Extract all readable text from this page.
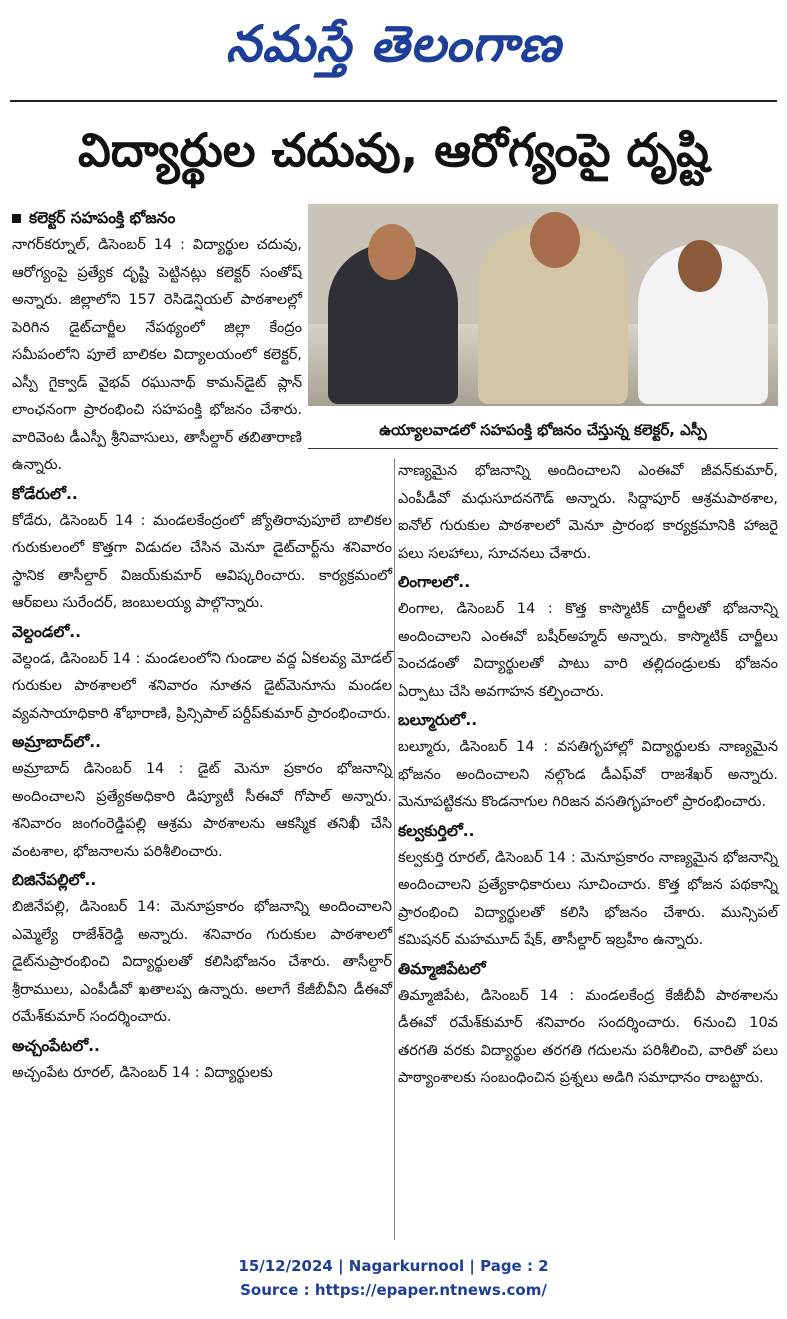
నమస్తే తెలంగాణ
విద్యార్థుల చదువు, ఆరోగ్యంపై దృష్టి
ఉయ్యాలవాడలో సహపంక్తి భోజనం చేస్తున్న కలెక్టర్, ఎస్పీ
కలెక్టర్ సహపంక్తి భోజనం

నాగర్‌కర్నూల్, డిసెంబర్ 14 : విద్యార్థుల చదువు, ఆరోగ్యంపై ప్రత్యేక దృష్టి పెట్టినట్లు కలెక్టర్ సంతోష్ అన్నారు. జిల్లాలోని 157 రెసిడెన్షియల్ పాఠశాలల్లో పెరిగిన డైట్‌చార్జీల నేపథ్యంలో జిల్లా కేంద్రం సమీపంలోని పూలే బాలికల విద్యాలయంలో కలెక్టర్, ఎస్పీ గైక్వాడ్ వైభవ్ రఘునాథ్ కామన్‌డైట్ ప్లాన్ లాంఛనంగా ప్రారంభించి సహపంక్తి భోజనం చేశారు. వారివెంట డీఎస్పీ శ్రీనివాసులు, తాసీల్దార్ తబితారాణి ఉన్నారు.

కోడేరులో..

కోడేరు, డిసెంబర్ 14 : మండలకేంద్రంలో జ్యోతిరావుపూలే బాలికల గురుకులంలో కొత్తగా విడుదల చేసిన మెనూ డైట్‌చార్ట్‌ను శనివారం స్థానిక తాసీల్దార్ విజయ్‌కుమార్ ఆవిష్కరించారు. కార్యక్రమంలో ఆర్‌ఐలు సురేందర్, జంబులయ్య పాల్గొన్నారు.

వెల్దండలో..

వెల్దండ, డిసెంబర్ 14 : మండలంలోని గుండాల వద్ద ఏకలవ్య మోడల్ గురుకుల పాఠశాలలో శనివారం నూతన డైట్‌మెనూను మండల వ్యవసాయాధికారి శోభారాణి, ప్రిన్సిపాల్ పర్దీప్‌కుమార్ ప్రారంభించారు.

అమ్రాబాద్‌లో..

అమ్రాబాద్ డిసెంబర్ 14 : డైట్ మెనూ ప్రకారం భోజనాన్ని అందించాలని ప్రత్యేకఅధికారి డిప్యూటీ సీఈవో గోపాల్ అన్నారు. శనివారం జంగంరెడ్డిపల్లి ఆశ్రమ పాఠశాలను ఆకస్మిక తనిఖీ చేసి వంటశాల, భోజనాలను పరిశీలించారు.

బిజినేపల్లిలో..

బిజినేపల్లి, డిసెంబర్ 14: మెనూప్రకారం భోజనాన్ని అందించాలని ఎమ్మెల్యే రాజేశ్‌రెడ్డి అన్నారు. శనివారం గురుకుల పాఠశాలలో డైట్‌నుప్రారంభించి విద్యార్థులతో కలిసిభోజనం చేశారు. తాసీల్దార్ శ్రీరాములు, ఎంపీడీవో ఖతాలప్ప ఉన్నారు. అలాగే కేజీబీవీని డీఈవో రమేశ్‌కుమార్ సందర్శించారు.

అచ్చంపేటలో..

అచ్చంపేట రూరల్, డిసెంబర్ 14 : విద్యార్థులకు

నాణ్యమైన భోజనాన్ని అందించాలని ఎంఈవో జీవన్‌కుమార్, ఎంపీడీవో మధుసూదనగౌడ్ అన్నారు. సిద్దాపూర్ ఆశ్రమపాఠశాల, ఐనోల్ గురుకుల పాఠశాలలో మెనూ ప్రారంభ కార్యక్రమానికి హాజరై పలు సలహాలు, సూచనలు చేశారు.

లింగాలలో..

లింగాల, డిసెంబర్ 14 : కొత్త కాస్మొటిక్ చార్జీలతో భోజనాన్ని అందించాలని ఎంఈవో బషీర్‌అహ్మద్ అన్నారు. కాస్మొటిక్ చార్జీలు పెంచడంతో విద్యార్థులతో పాటు వారి తల్లిదండ్రులకు భోజనం ఏర్పాటు చేసి అవగాహన కల్పించారు.

బల్మూరులో..

బల్మూరు, డిసెంబర్ 14 : వసతిగృహాల్లో విద్యార్థులకు నాణ్యమైన భోజనం అందించాలని నల్గొండ డీఎఫ్‌వో రాజశేఖర్ అన్నారు. మెనూపట్టికను కొండనాగుల గిరిజన వసతిగృహంలో ప్రారంభించారు.

కల్వకుర్తిలో..

కల్వకుర్తి రూరల్, డిసెంబర్ 14 : మెనూప్రకారం నాణ్యమైన భోజనాన్ని అందించాలని ప్రత్యేకాధికారులు సూచించారు. కొత్త భోజన పథకాన్ని ప్రారంభించి విద్యార్థులతో కలిసి భోజనం చేశారు. మున్సిపల్ కమిషనర్ మహమూద్ షేక్, తాసీల్దార్ ఇబ్రహీం ఉన్నారు.

తిమ్మాజిపేటలో

తిమ్మాజిపేట, డిసెంబర్ 14 : మండలకేంద్ర కేజీబీవీ పాఠశాలను డీఈవో రమేశ్‌కుమార్ శనివారం సందర్శించారు. 6నుంచి 10వ తరగతి వరకు విద్యార్థుల తరగతి గదులను పరిశీలించి, వారితో పలు పాఠ్యాంశాలకు సంబంధించిన ప్రశ్నలు అడిగి సమాధానం రాబట్టారు.

15/12/2024 | Nagarkurnool | Page : 2
Source : https://epaper.ntnews.com/
